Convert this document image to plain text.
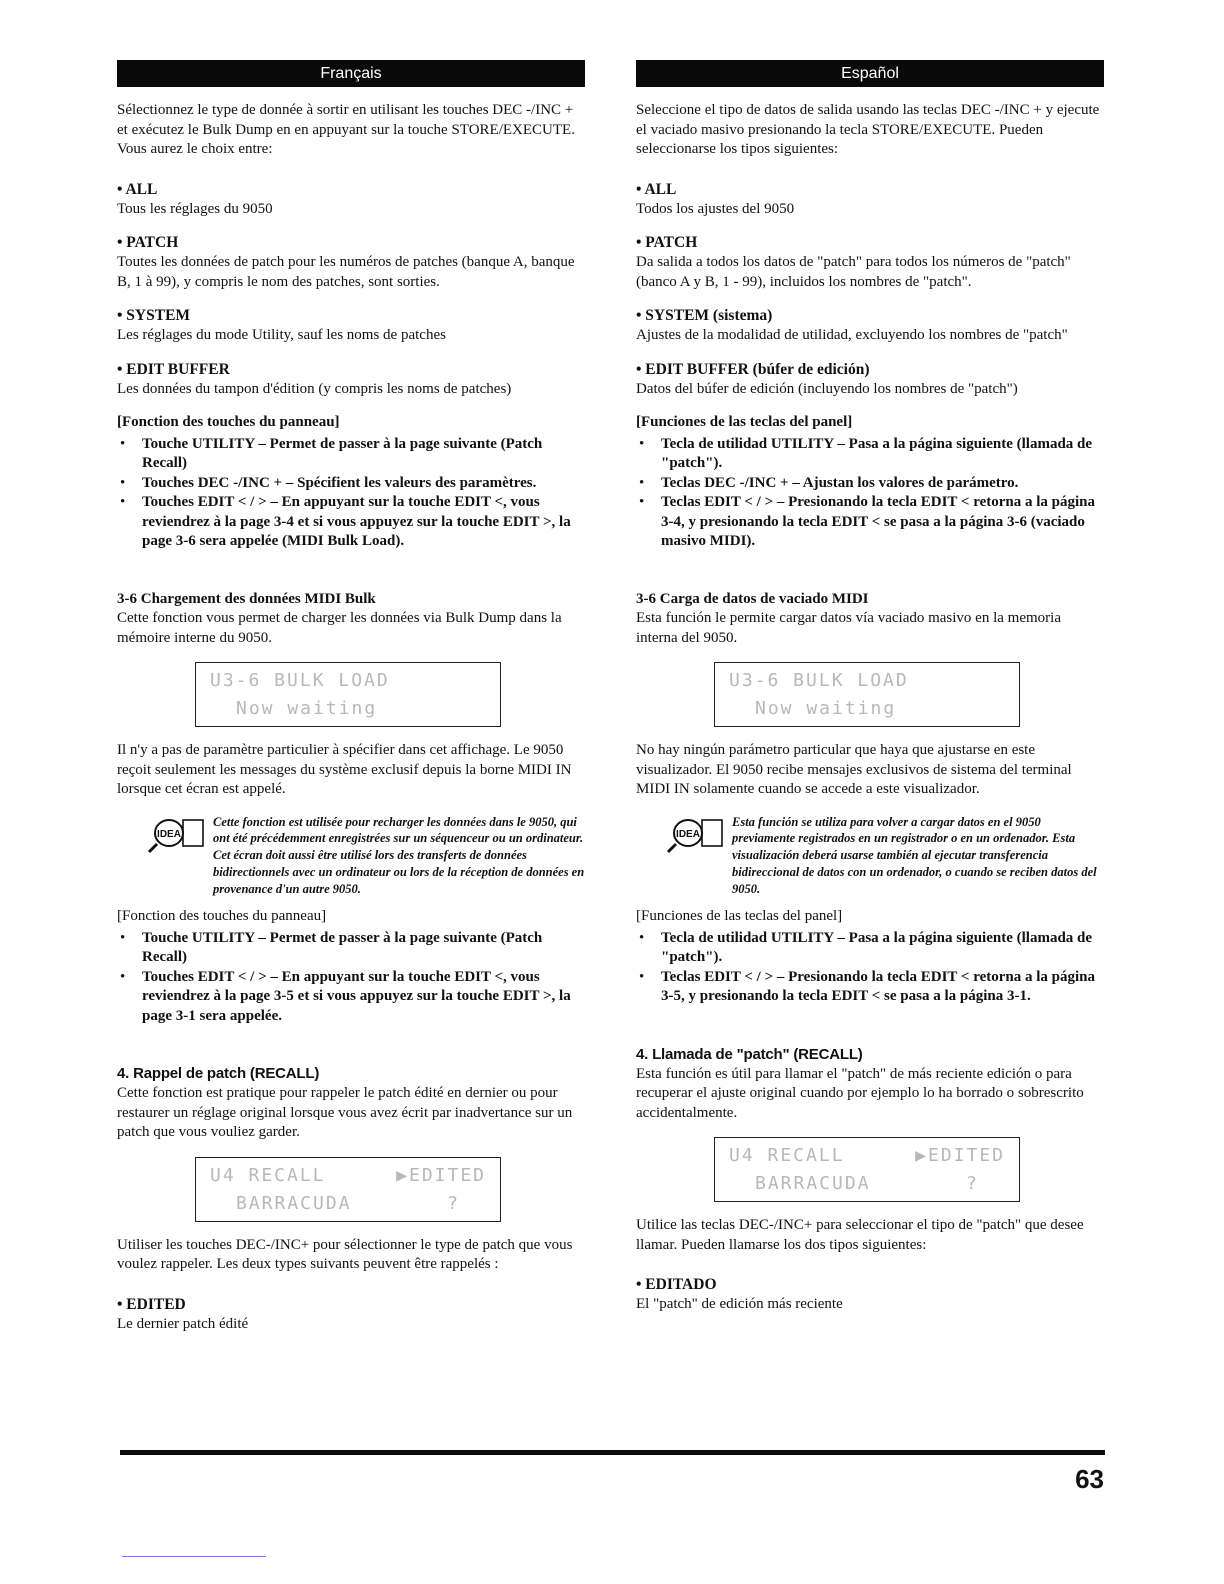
Français

Sélectionnez le type de donnée à sortir en utilisant les touches DEC -/INC + et exécutez le Bulk Dump en en appuyant sur la touche STORE/EXECUTE. Vous aurez le choix entre:

• ALL

Tous les réglages du 9050

• PATCH

Toutes les données de patch pour les numéros de patches (banque A, banque B, 1 à 99), y compris le nom des patches, sont sorties.

• SYSTEM

Les réglages du mode Utility, sauf les noms de patches

• EDIT BUFFER

Les données du tampon d'édition (y compris les noms de patches)

[Fonction des touches du panneau]

• Touche UTILITY – Permet de passer à la page suivante (Patch Recall)
• Touches DEC -/INC + – Spécifient les valeurs des paramètres.
• Touches EDIT < / > – En appuyant sur la touche EDIT <, vous reviendrez à la page 3-4 et si vous appuyez sur la touche EDIT >, la page 3-6 sera appelée (MIDI Bulk Load).

3-6 Chargement des données MIDI Bulk

Cette fonction vous permet de charger les données via Bulk Dump dans la mémoire interne du 9050.

U3-6 BULK LOAD
Now waiting

Il n'y a pas de paramètre particulier à spécifier dans cet affichage. Le 9050 reçoit seulement les messages du système exclusif depuis la borne MIDI IN lorsque cet écran est appelé.

IDEA
Cette fonction est utilisée pour recharger les données dans le 9050, qui ont été précédemment enregistrées sur un séquenceur ou un ordinateur. Cet écran doit aussi être utilisé lors des transferts de données bidirectionnels avec un ordinateur ou lors de la réception de données en provenance d'un autre 9050.

[Fonction des touches du panneau]

• Touche UTILITY – Permet de passer à la page suivante (Patch Recall)
• Touches EDIT < / > – En appuyant sur la touche EDIT <, vous reviendrez à la page 3-5 et si vous appuyez sur la touche EDIT >, la page 3-1 sera appelée.
4. Rappel de patch (RECALL)

Cette fonction est pratique pour rappeler le patch édité en dernier ou pour restaurer un réglage original lorsque vous avez écrit par inadvertance sur un patch que vous vouliez garder.

U4 RECALL	▶EDITED
BARRACUDA	?

Utiliser les touches DEC-/INC+ pour sélectionner le type de patch que vous voulez rappeler. Les deux types suivants peuvent être rappelés :

• EDITED

Le dernier patch édité

Español

Seleccione el tipo de datos de salida usando las teclas DEC -/INC + y ejecute el vaciado masivo presionando la tecla STORE/EXECUTE. Pueden seleccionarse los tipos siguientes:

• ALL

Todos los ajustes del 9050

• PATCH

Da salida a todos los datos de "patch" para todos los números de "patch" (banco A y B, 1 - 99), incluidos los nombres de "patch".

• SYSTEM (sistema)

Ajustes de la modalidad de utilidad, excluyendo los nombres de "patch"

• EDIT BUFFER (búfer de edición)

Datos del búfer de edición (incluyendo los nombres de "patch")

[Funciones de las teclas del panel]

• Tecla de utilidad UTILITY – Pasa a la página siguiente (llamada de "patch").
• Teclas DEC -/INC + – Ajustan los valores de parámetro.
• Teclas EDIT < / > – Presionando la tecla EDIT < retorna a la página 3-4, y presionando la tecla EDIT < se pasa a la página 3-6 (vaciado masivo MIDI).

3-6 Carga de datos de vaciado MIDI

Esta función le permite cargar datos vía vaciado masivo en la memoria interna del 9050.

U3-6 BULK LOAD
Now waiting

No hay ningún parámetro particular que haya que ajustarse en este visualizador. El 9050 recibe mensajes exclusivos de sistema del terminal MIDI IN solamente cuando se accede a este visualizador.

IDEA
Esta función se utiliza para volver a cargar datos en el 9050 previamente registrados en un registrador o en un ordenador. Esta visualización deberá usarse también al ejecutar transferencia bidireccional de datos con un ordenador, o cuando se reciben datos del 9050.

[Funciones de las teclas del panel]

• Tecla de utilidad UTILITY – Pasa a la página siguiente (llamada de "patch").
• Teclas EDIT < / > – Presionando la tecla EDIT < retorna a la página 3-5, y presionando la tecla EDIT < se pasa a la página 3-1.
4. Llamada de "patch" (RECALL)

Esta función es útil para llamar el "patch" de más reciente edición o para recuperar el ajuste original cuando por ejemplo lo ha borrado o sobrescrito accidentalmente.

U4 RECALL	▶EDITED
BARRACUDA	?

Utilice las teclas DEC-/INC+ para seleccionar el tipo de "patch" que desee llamar. Pueden llamarse los dos tipos siguientes:

• EDITADO

El "patch" de edición más reciente

63
